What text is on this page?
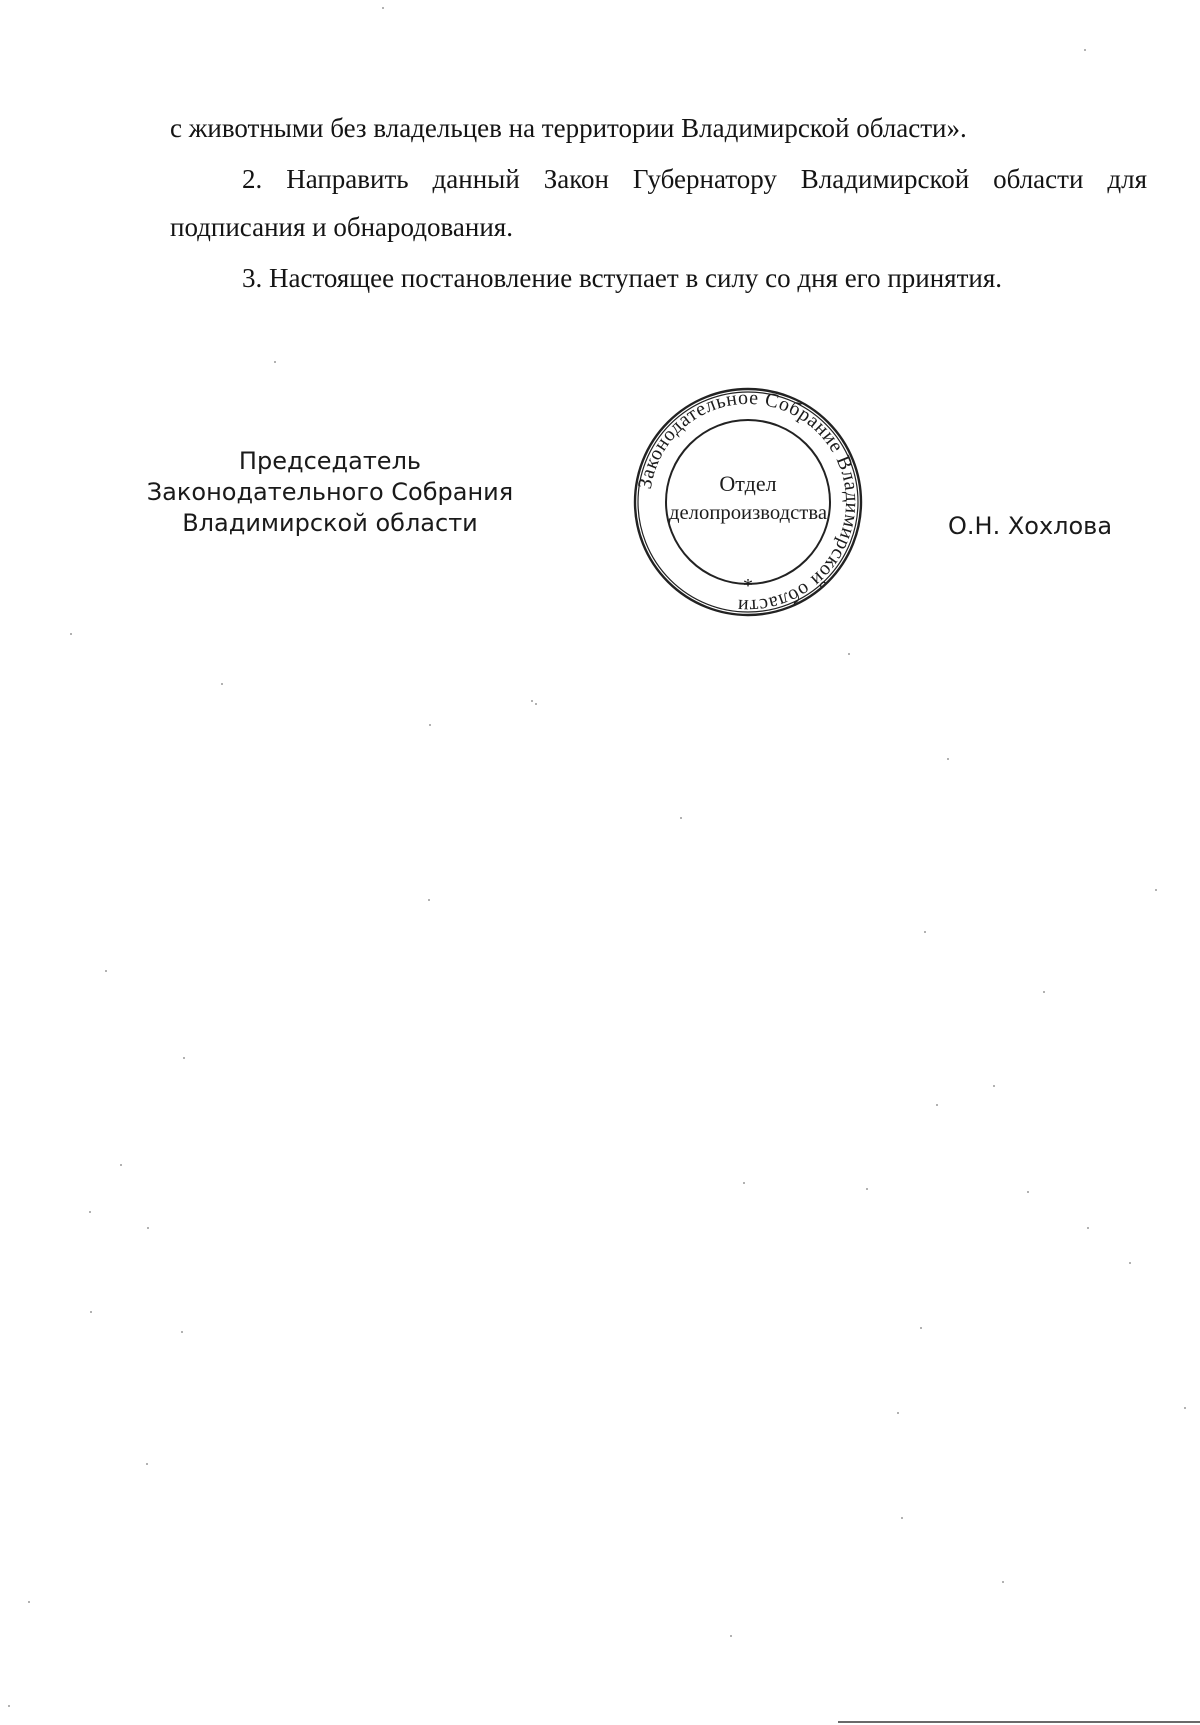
с животными без владельцев на территории Владимирской области».

2. Направить данный Закон Губернатору Владимирской области для подписания и обнародования.

3. Настоящее постановление вступает в силу со дня его принятия.

Председатель
Законодательного Собрания
Владимирской области
Законодательное Собрание Владимирской области
*
Отдел
делопроизводства	О.Н. Хохлова
